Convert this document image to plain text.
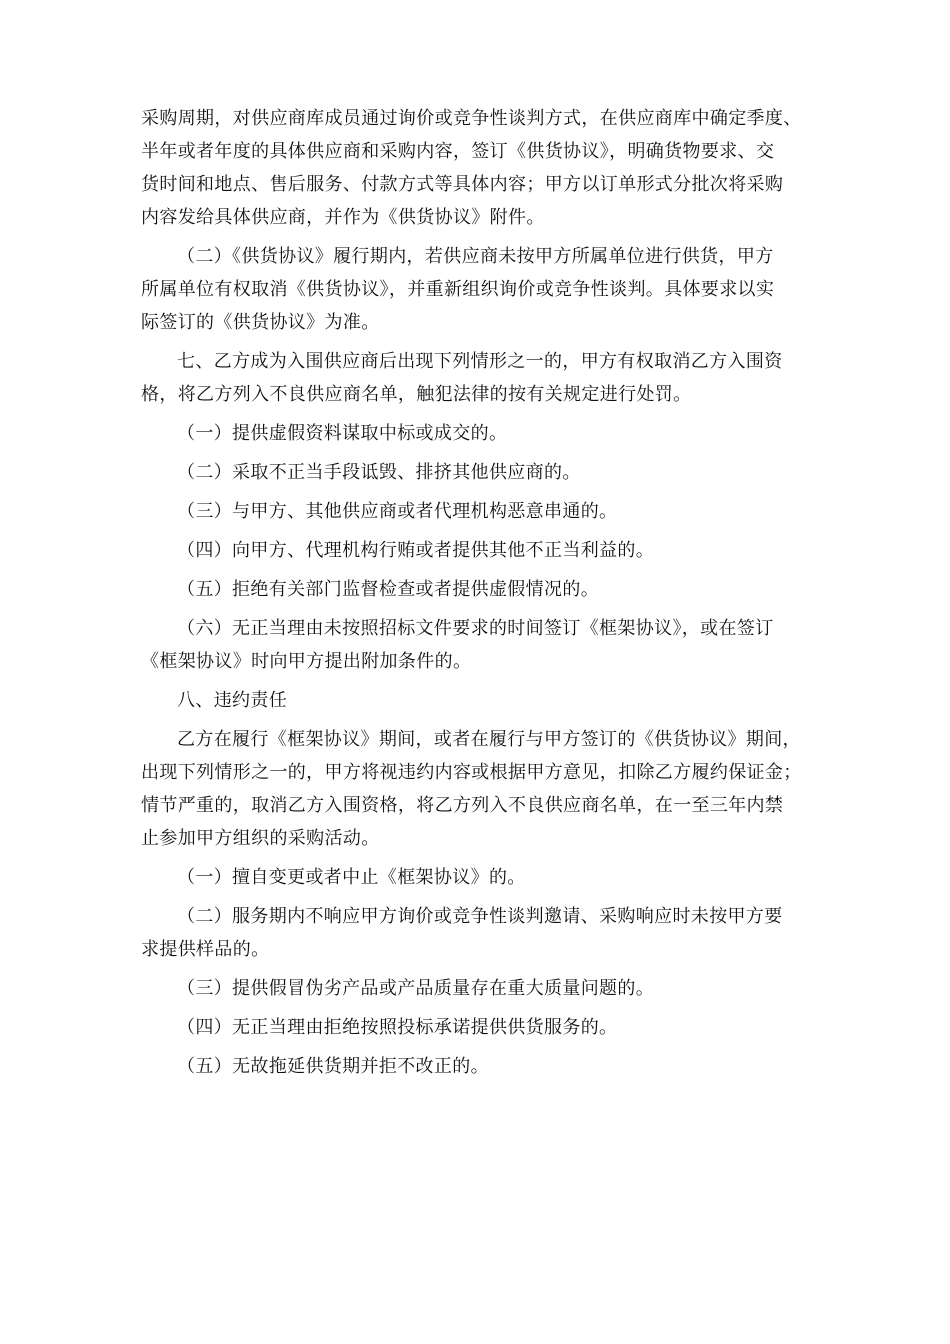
采购周期，对供应商库成员通过询价或竞争性谈判方式，在供应商库中确定季度、
半年或者年度的具体供应商和采购内容，签订《供货协议》，明确货物要求、交
货时间和地点、售后服务、付款方式等具体内容；甲方以订单形式分批次将采购
内容发给具体供应商，并作为《供货协议》附件。

（二）《供货协议》履行期内，若供应商未按甲方所属单位进行供货，甲方
所属单位有权取消《供货协议》，并重新组织询价或竞争性谈判。具体要求以实
际签订的《供货协议》为准。

七、乙方成为入围供应商后出现下列情形之一的，甲方有权取消乙方入围资
格，将乙方列入不良供应商名单，触犯法律的按有关规定进行处罚。

（一）提供虚假资料谋取中标或成交的。

（二）采取不正当手段诋毁、排挤其他供应商的。

（三）与甲方、其他供应商或者代理机构恶意串通的。

（四）向甲方、代理机构行贿或者提供其他不正当利益的。

（五）拒绝有关部门监督检查或者提供虚假情况的。

（六）无正当理由未按照招标文件要求的时间签订《框架协议》，或在签订
《框架协议》时向甲方提出附加条件的。

八、违约责任

乙方在履行《框架协议》期间，或者在履行与甲方签订的《供货协议》期间，
出现下列情形之一的，甲方将视违约内容或根据甲方意见，扣除乙方履约保证金；
情节严重的，取消乙方入围资格，将乙方列入不良供应商名单，在一至三年内禁
止参加甲方组织的采购活动。

（一）擅自变更或者中止《框架协议》的。

（二）服务期内不响应甲方询价或竞争性谈判邀请、采购响应时未按甲方要
求提供样品的。

（三）提供假冒伪劣产品或产品质量存在重大质量问题的。

（四）无正当理由拒绝按照投标承诺提供供货服务的。

（五）无故拖延供货期并拒不改正的。
